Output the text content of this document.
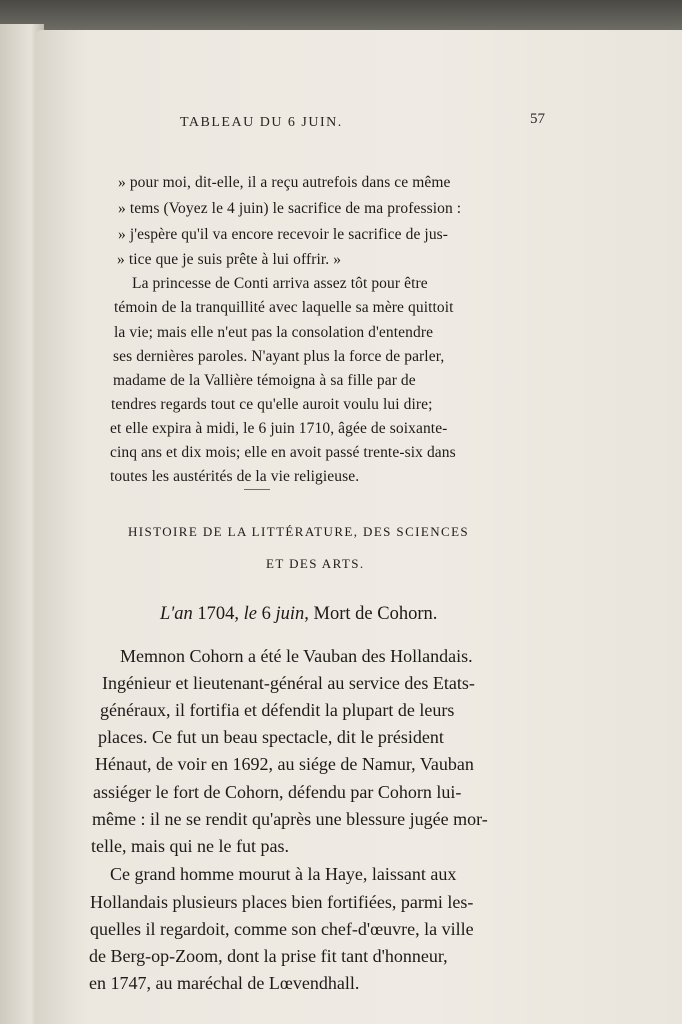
TABLEAU DU 6 JUIN.	57
» pour moi, dit-elle, il a reçu autrefois dans ce même
» tems (Voyez le 4 juin) le sacrifice de ma profession :
» j'espère qu'il va encore recevoir le sacrifice de jus-
» tice que je suis prête à lui offrir. »
La princesse de Conti arriva assez tôt pour être
témoin de la tranquillité avec laquelle sa mère quittoit
la vie; mais elle n'eut pas la consolation d'entendre
ses dernières paroles. N'ayant plus la force de parler,
madame de la Vallière témoigna à sa fille par de
tendres regards tout ce qu'elle auroit voulu lui dire;
et elle expira à midi, le 6 juin 1710, âgée de soixante-
cinq ans et dix mois; elle en avoit passé trente-six dans
toutes les austérités de la vie religieuse.
HISTOIRE DE LA LITTÉRATURE, DES SCIENCES
ET DES ARTS.
L'an 1704, le 6 juin, Mort de Cohorn.
Memnon Cohorn a été le Vauban des Hollandais.
Ingénieur et lieutenant-général au service des Etats-
généraux, il fortifia et défendit la plupart de leurs
places. Ce fut un beau spectacle, dit le président
Hénaut, de voir en 1692, au siége de Namur, Vauban
assiéger le fort de Cohorn, défendu par Cohorn lui-
même : il ne se rendit qu'après une blessure jugée mor-
telle, mais qui ne le fut pas.
Ce grand homme mourut à la Haye, laissant aux
Hollandais plusieurs places bien fortifiées, parmi les-
quelles il regardoit, comme son chef-d'œuvre, la ville
de Berg-op-Zoom, dont la prise fit tant d'honneur,
en 1747, au maréchal de Lœvendhall.
